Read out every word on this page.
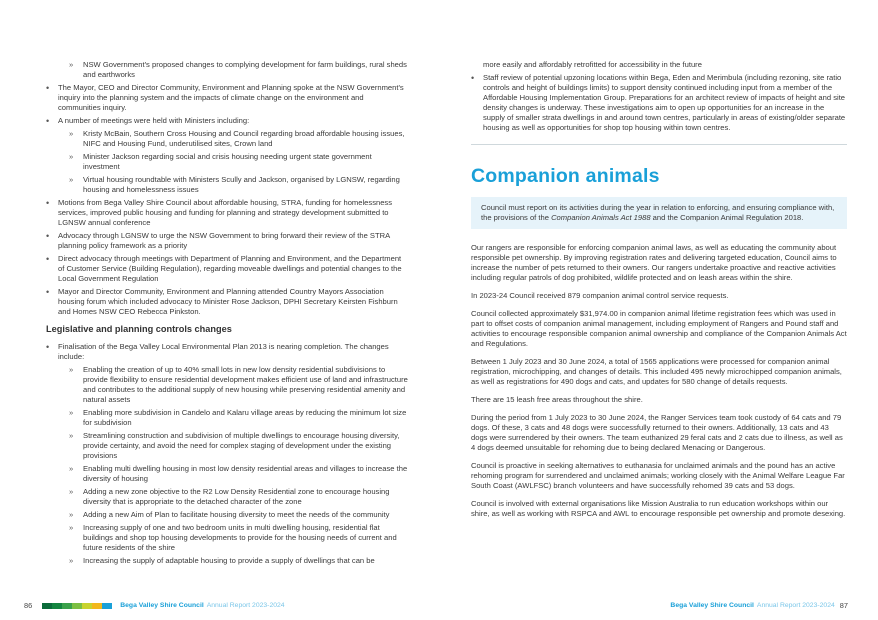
» NSW Government's proposed changes to complying development for farm buildings, rural sheds and earthworks
• The Mayor, CEO and Director Community, Environment and Planning spoke at the NSW Government's inquiry into the planning system and the impacts of climate change on the environment and communities inquiry.
• A number of meetings were held with Ministers including:
» Kristy McBain, Southern Cross Housing and Council regarding broad affordable housing issues, NIFC and Housing Fund, underutilised sites, Crown land
» Minister Jackson regarding social and crisis housing needing urgent state government investment
» Virtual housing roundtable with Ministers Scully and Jackson, organised by LGNSW, regarding housing and homelessness issues
• Motions from Bega Valley Shire Council about affordable housing, STRA, funding for homelessness services, improved public housing and funding for planning and strategy development submitted to LGNSW annual conference
• Advocacy through LGNSW to urge the NSW Government to bring forward their review of the STRA planning policy framework as a priority
• Direct advocacy through meetings with Department of Planning and Environment, and the Department of Customer Service (Building Regulation), regarding moveable dwellings and potential changes to the Local Government Regulation
• Mayor and Director Community, Environment and Planning attended Country Mayors Association housing forum which included advocacy to Minister Rose Jackson, DPHI Secretary Keirsten Fishburn and Homes NSW CEO Rebecca Pinkston.
Legislative and planning controls changes
• Finalisation of the Bega Valley Local Environmental Plan 2013 is nearing completion. The changes include:
» Enabling the creation of up to 40% small lots in new low density residential subdivisions to provide flexibility to ensure residential development makes efficient use of land and infrastructure and contributes to the additional supply of new housing while preserving residential amenity and natural assets
» Enabling more subdivision in Candelo and Kalaru village areas by reducing the minimum lot size for subdivision
» Streamlining construction and subdivision of multiple dwellings to encourage housing diversity, provide certainty, and avoid the need for complex staging of development under the existing provisions
» Enabling multi dwelling housing in most low density residential areas and villages to increase the diversity of housing
» Adding a new zone objective to the R2 Low Density Residential zone to encourage housing diversity that is appropriate to the detached character of the zone
» Adding a new Aim of Plan to facilitate housing diversity to meet the needs of the community
» Increasing supply of one and two bedroom units in multi dwelling housing, residential flat buildings and shop top housing developments to provide for the housing needs of current and future residents of the shire
» Increasing the supply of adaptable housing to provide a supply of dwellings that can be
86	Bega Valley Shire Council Annual Report 2023-2024
more easily and affordably retrofitted for accessibility in the future
• Staff review of potential upzoning locations within Bega, Eden and Merimbula (including rezoning, site ratio controls and height of buildings limits) to support density continued including input from a member of the Affordable Housing Implementation Group. Preparations for an architect review of impacts of height and site density changes is underway. These investigations aim to open up opportunities for an increase in the supply of smaller strata dwellings in and around town centres, particularly in areas of existing/older separate housing as well as opportunities for shop top housing within town centres.
Companion animals
Council must report on its activities during the year in relation to enforcing, and ensuring compliance with, the provisions of the Companion Animals Act 1988 and the Companion Animal Regulation 2018.

Our rangers are responsible for enforcing companion animal laws, as well as educating the community about responsible pet ownership. By improving registration rates and delivering targeted education, Council aims to increase the number of pets returned to their owners. Our rangers undertake proactive and reactive activities including regular patrols of dog prohibited, wildlife protected and on leash areas within the shire.

In 2023-24 Council received 879 companion animal control service requests.

Council collected approximately $31,974.00 in companion animal lifetime registration fees which was used in part to offset costs of companion animal management, including employment of Rangers and Pound staff and activities to encourage responsible companion animal ownership and compliance of the Companion Animals Act and Regulations.

Between 1 July 2023 and 30 June 2024, a total of 1565 applications were processed for companion animal registration, microchipping, and changes of details. This included 495 newly microchipped companion animals, as well as registrations for 490 dogs and cats, and updates for 580 change of details requests.

There are 15 leash free areas throughout the shire.

During the period from 1 July 2023 to 30 June 2024, the Ranger Services team took custody of 64 cats and 79 dogs. Of these, 3 cats and 48 dogs were successfully returned to their owners. Additionally, 13 cats and 43 dogs were surrendered by their owners. The team euthanized 29 feral cats and 2 cats due to illness, as well as 4 dogs deemed unsuitable for rehoming due to being declared Menacing or Dangerous.

Council is proactive in seeking alternatives to euthanasia for unclaimed animals and the pound has an active rehoming program for surrendered and unclaimed animals; working closely with the Animal Welfare League Far South Coast (AWLFSC) branch volunteers and have successfully rehomed 39 cats and 53 dogs.

Council is involved with external organisations like Mission Australia to run education workshops within our shire, as well as working with RSPCA and AWL to encourage responsible pet ownership and promote desexing.

Bega Valley Shire Council Annual Report 2023-2024 87
